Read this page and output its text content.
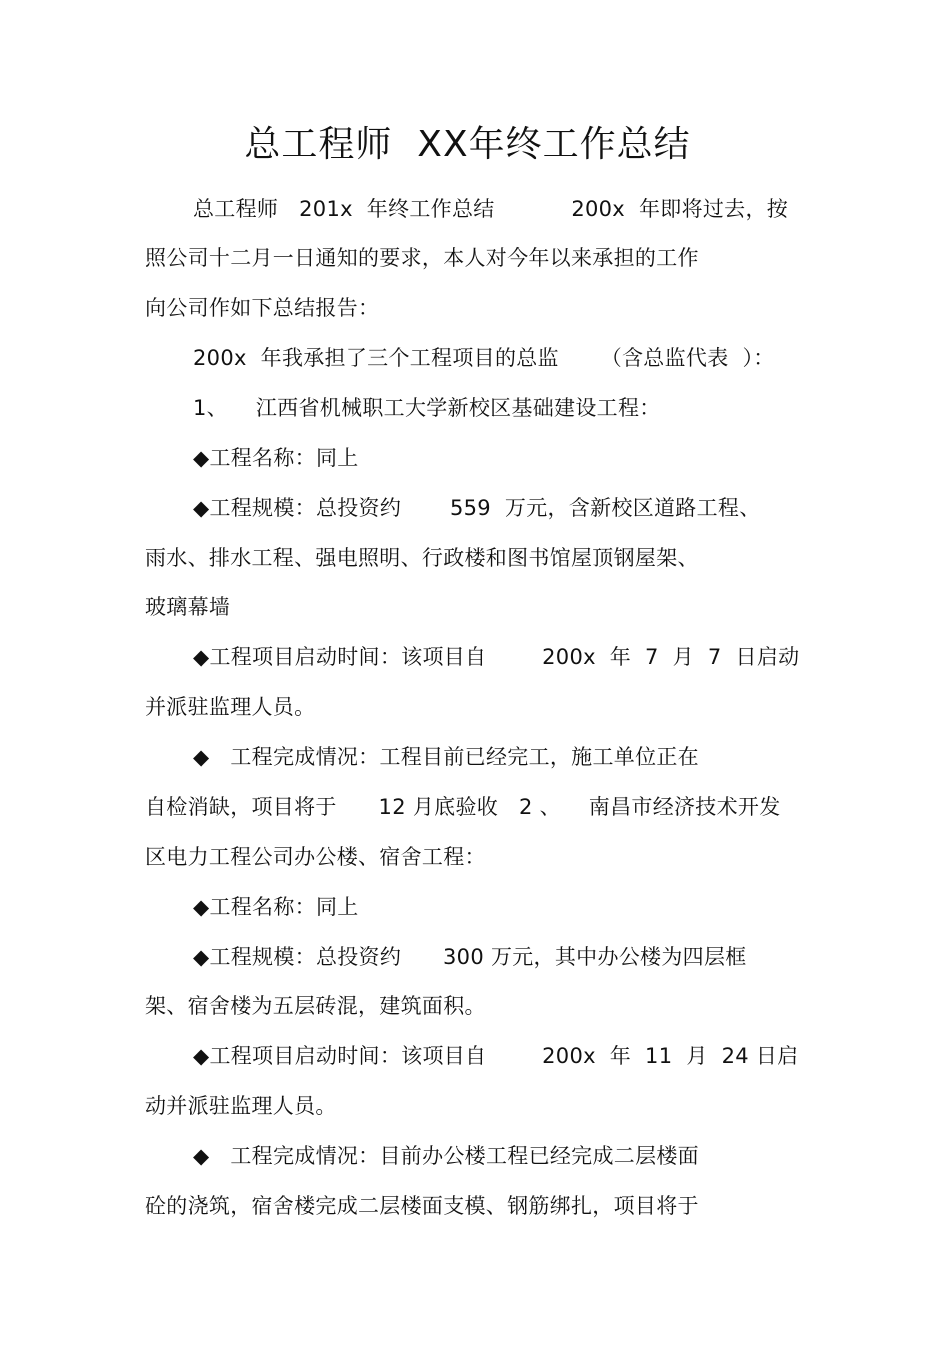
总工程师  XX年终工作总结
总工程师   201x  年终工作总结           200x  年即将过去，按
照公司十二月一日通知的要求，本人对今年以来承担的工作
向公司作如下总结报告：
200x  年我承担了三个工程项目的总监      （含总监代表  ）：
1、    江西省机械职工大学新校区基础建设工程：
◆工程名称：同上
◆工程规模：总投资约       559  万元，含新校区道路工程、
雨水、排水工程、强电照明、行政楼和图书馆屋顶钢屋架、
玻璃幕墙
◆工程项目启动时间：该项目自        200x  年  7  月  7  日启动
并派驻监理人员。
◆   工程完成情况：工程目前已经完工，施工单位正在
自检消缺，项目将于      12 月底验收   2 、    南昌市经济技术开发
区电力工程公司办公楼、宿舍工程：
◆工程名称：同上
◆工程规模：总投资约      300 万元，其中办公楼为四层框
架、宿舍楼为五层砖混，建筑面积。
◆工程项目启动时间：该项目自        200x  年  11  月  24 日启
动并派驻监理人员。
◆   工程完成情况：目前办公楼工程已经完成二层楼面
砼的浇筑，宿舍楼完成二层楼面支模、钢筋绑扎，项目将于
